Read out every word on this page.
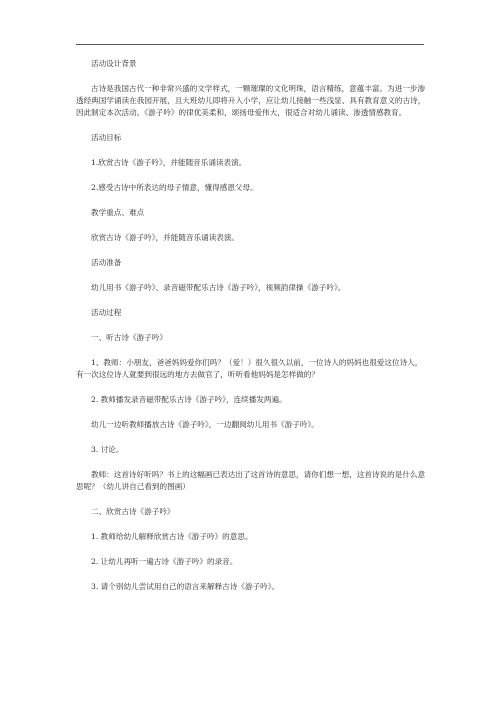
活动设计背景

古诗是我国古代一种非常兴盛的文学样式，一颗璀璨的文化明珠，语言精练，意蕴丰富。为进一步渗透经典国学诵读在我园开展，且大班幼儿即将升入小学，应让幼儿接触一些浅显、具有教育意义的古诗，因此制定本次活动。《游子吟》的律优美柔和，颂扬母爱伟大，很适合对幼儿诵读、渗透情感教育。

活动目标

1.欣赏古诗《游子吟》，并能随音乐诵读表演。

2.感受古诗中所表达的母子情意，懂得感恩父母。

教学重点、难点

欣赏古诗《游子吟》，并能随音乐诵读表演。

活动准备

幼儿用书《游子吟》、录音磁带配乐古诗《游子吟》，视频韵律操《游子吟》。

活动过程

一、听古诗《游子吟》

1、教师：小朋友，爸爸妈妈爱你们吗？（爱！）很久很久以前，一位诗人的妈妈也很爱这位诗人，有一次这位诗人就要到很远的地方去做官了，听听看他妈妈是怎样做的？

2. 教师播发录音磁带配乐古诗《游子吟》，连续播发两遍。

幼儿一边听教师播放古诗《游子吟》，一边翻阅幼儿用书《游子吟》。

3. 讨论。

教师：这首诗好听吗？书上的这幅画已表达出了这首诗的意思，请你们想一想，这首诗说的是什么意思呢？（幼儿讲自己看到的图画）

二、欣赏古诗《游子吟》

1. 教师给幼儿解释欣赏古诗《游子吟》的意思。

2. 让幼儿再听一遍古诗《游子吟》的录音。

3. 请个别幼儿尝试用自己的语言来解释古诗《游子吟》。
